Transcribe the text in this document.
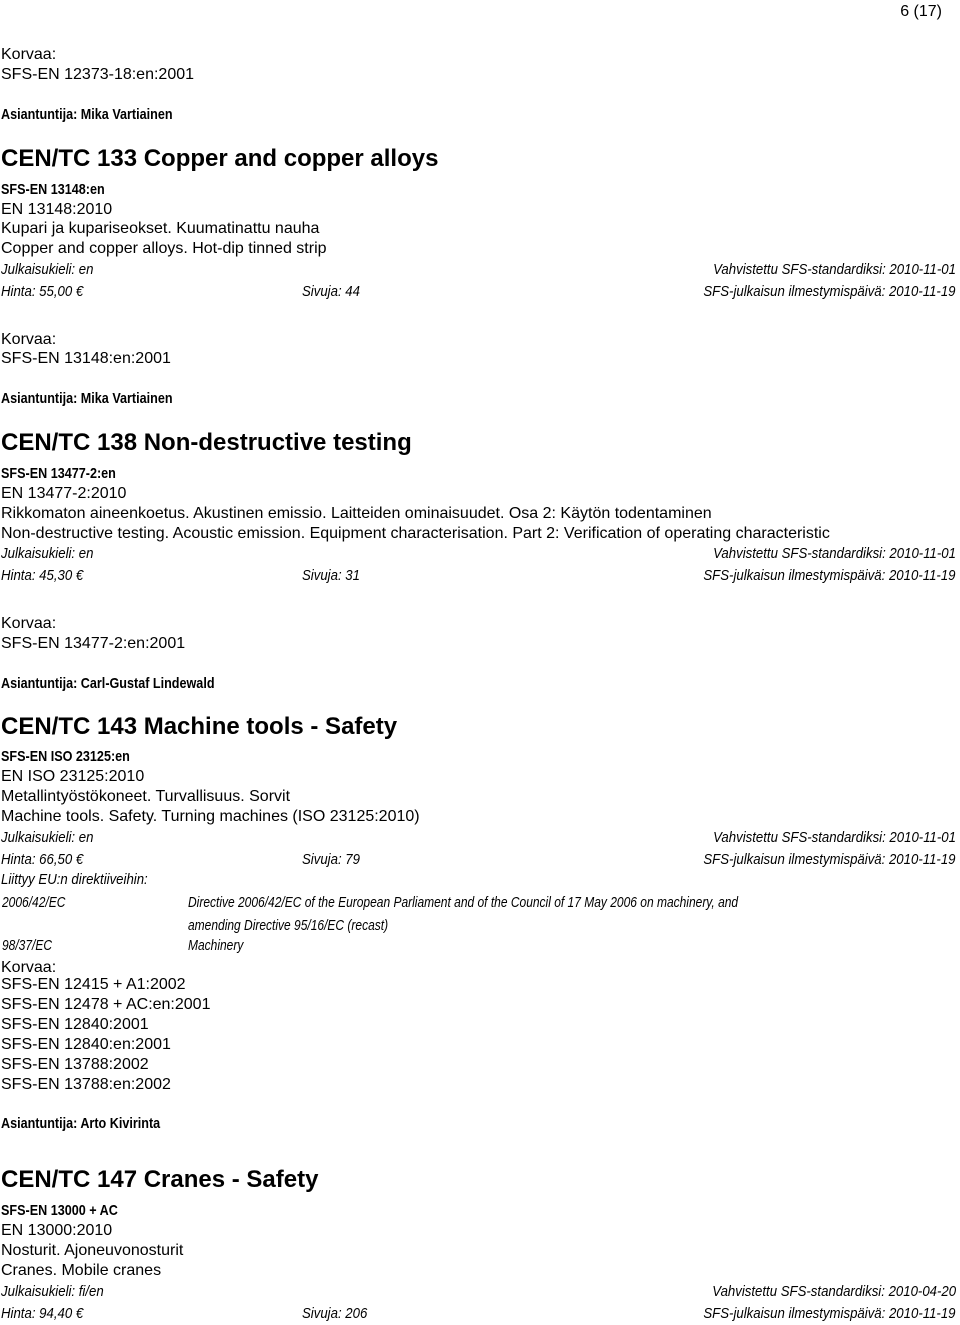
6 (17)
Korvaa:
SFS-EN 12373-18:en:2001
Asiantuntija: Mika Vartiainen
CEN/TC 133 Copper and copper alloys
SFS-EN 13148:en
EN 13148:2010
Kupari ja kupariseokset. Kuumatinattu nauha
Copper and copper alloys. Hot-dip tinned strip
Julkaisukieli: en	Vahvistettu SFS-standardiksi: 2010-11-01
Hinta: 55,00 €	Sivuja: 44	SFS-julkaisun ilmestymispäivä: 2010-11-19
Korvaa:
SFS-EN 13148:en:2001
Asiantuntija: Mika Vartiainen
CEN/TC 138 Non-destructive testing
SFS-EN 13477-2:en
EN 13477-2:2010
Rikkomaton aineenkoetus. Akustinen emissio. Laitteiden ominaisuudet. Osa 2: Käytön todentaminen
Non-destructive testing. Acoustic emission. Equipment characterisation. Part 2: Verification of operating characteristic
Julkaisukieli: en	Vahvistettu SFS-standardiksi: 2010-11-01
Hinta: 45,30 €	Sivuja: 31	SFS-julkaisun ilmestymispäivä: 2010-11-19
Korvaa:
SFS-EN 13477-2:en:2001
Asiantuntija: Carl-Gustaf Lindewald
CEN/TC 143 Machine tools - Safety
SFS-EN ISO 23125:en
EN ISO 23125:2010
Metallintyöstökoneet. Turvallisuus. Sorvit
Machine tools. Safety. Turning machines (ISO 23125:2010)
Julkaisukieli: en	Vahvistettu SFS-standardiksi: 2010-11-01
Hinta: 66,50 €	Sivuja: 79	SFS-julkaisun ilmestymispäivä: 2010-11-19
Liittyy EU:n direktiiveihin:
2006/42/EC	Directive 2006/42/EC of the European Parliament and of the Council of 17 May 2006 on machinery, and
amending Directive 95/16/EC (recast)
98/37/EC	Machinery
Korvaa:
SFS-EN 12415 + A1:2002
SFS-EN 12478 + AC:en:2001
SFS-EN 12840:2001
SFS-EN 12840:en:2001
SFS-EN 13788:2002
SFS-EN 13788:en:2002
Asiantuntija: Arto Kivirinta
CEN/TC 147 Cranes - Safety
SFS-EN 13000 + AC
EN 13000:2010
Nosturit. Ajoneuvonosturit
Cranes. Mobile cranes
Julkaisukieli: fi/en	Vahvistettu SFS-standardiksi: 2010-04-20
Hinta: 94,40 €	Sivuja: 206	SFS-julkaisun ilmestymispäivä: 2010-11-19
